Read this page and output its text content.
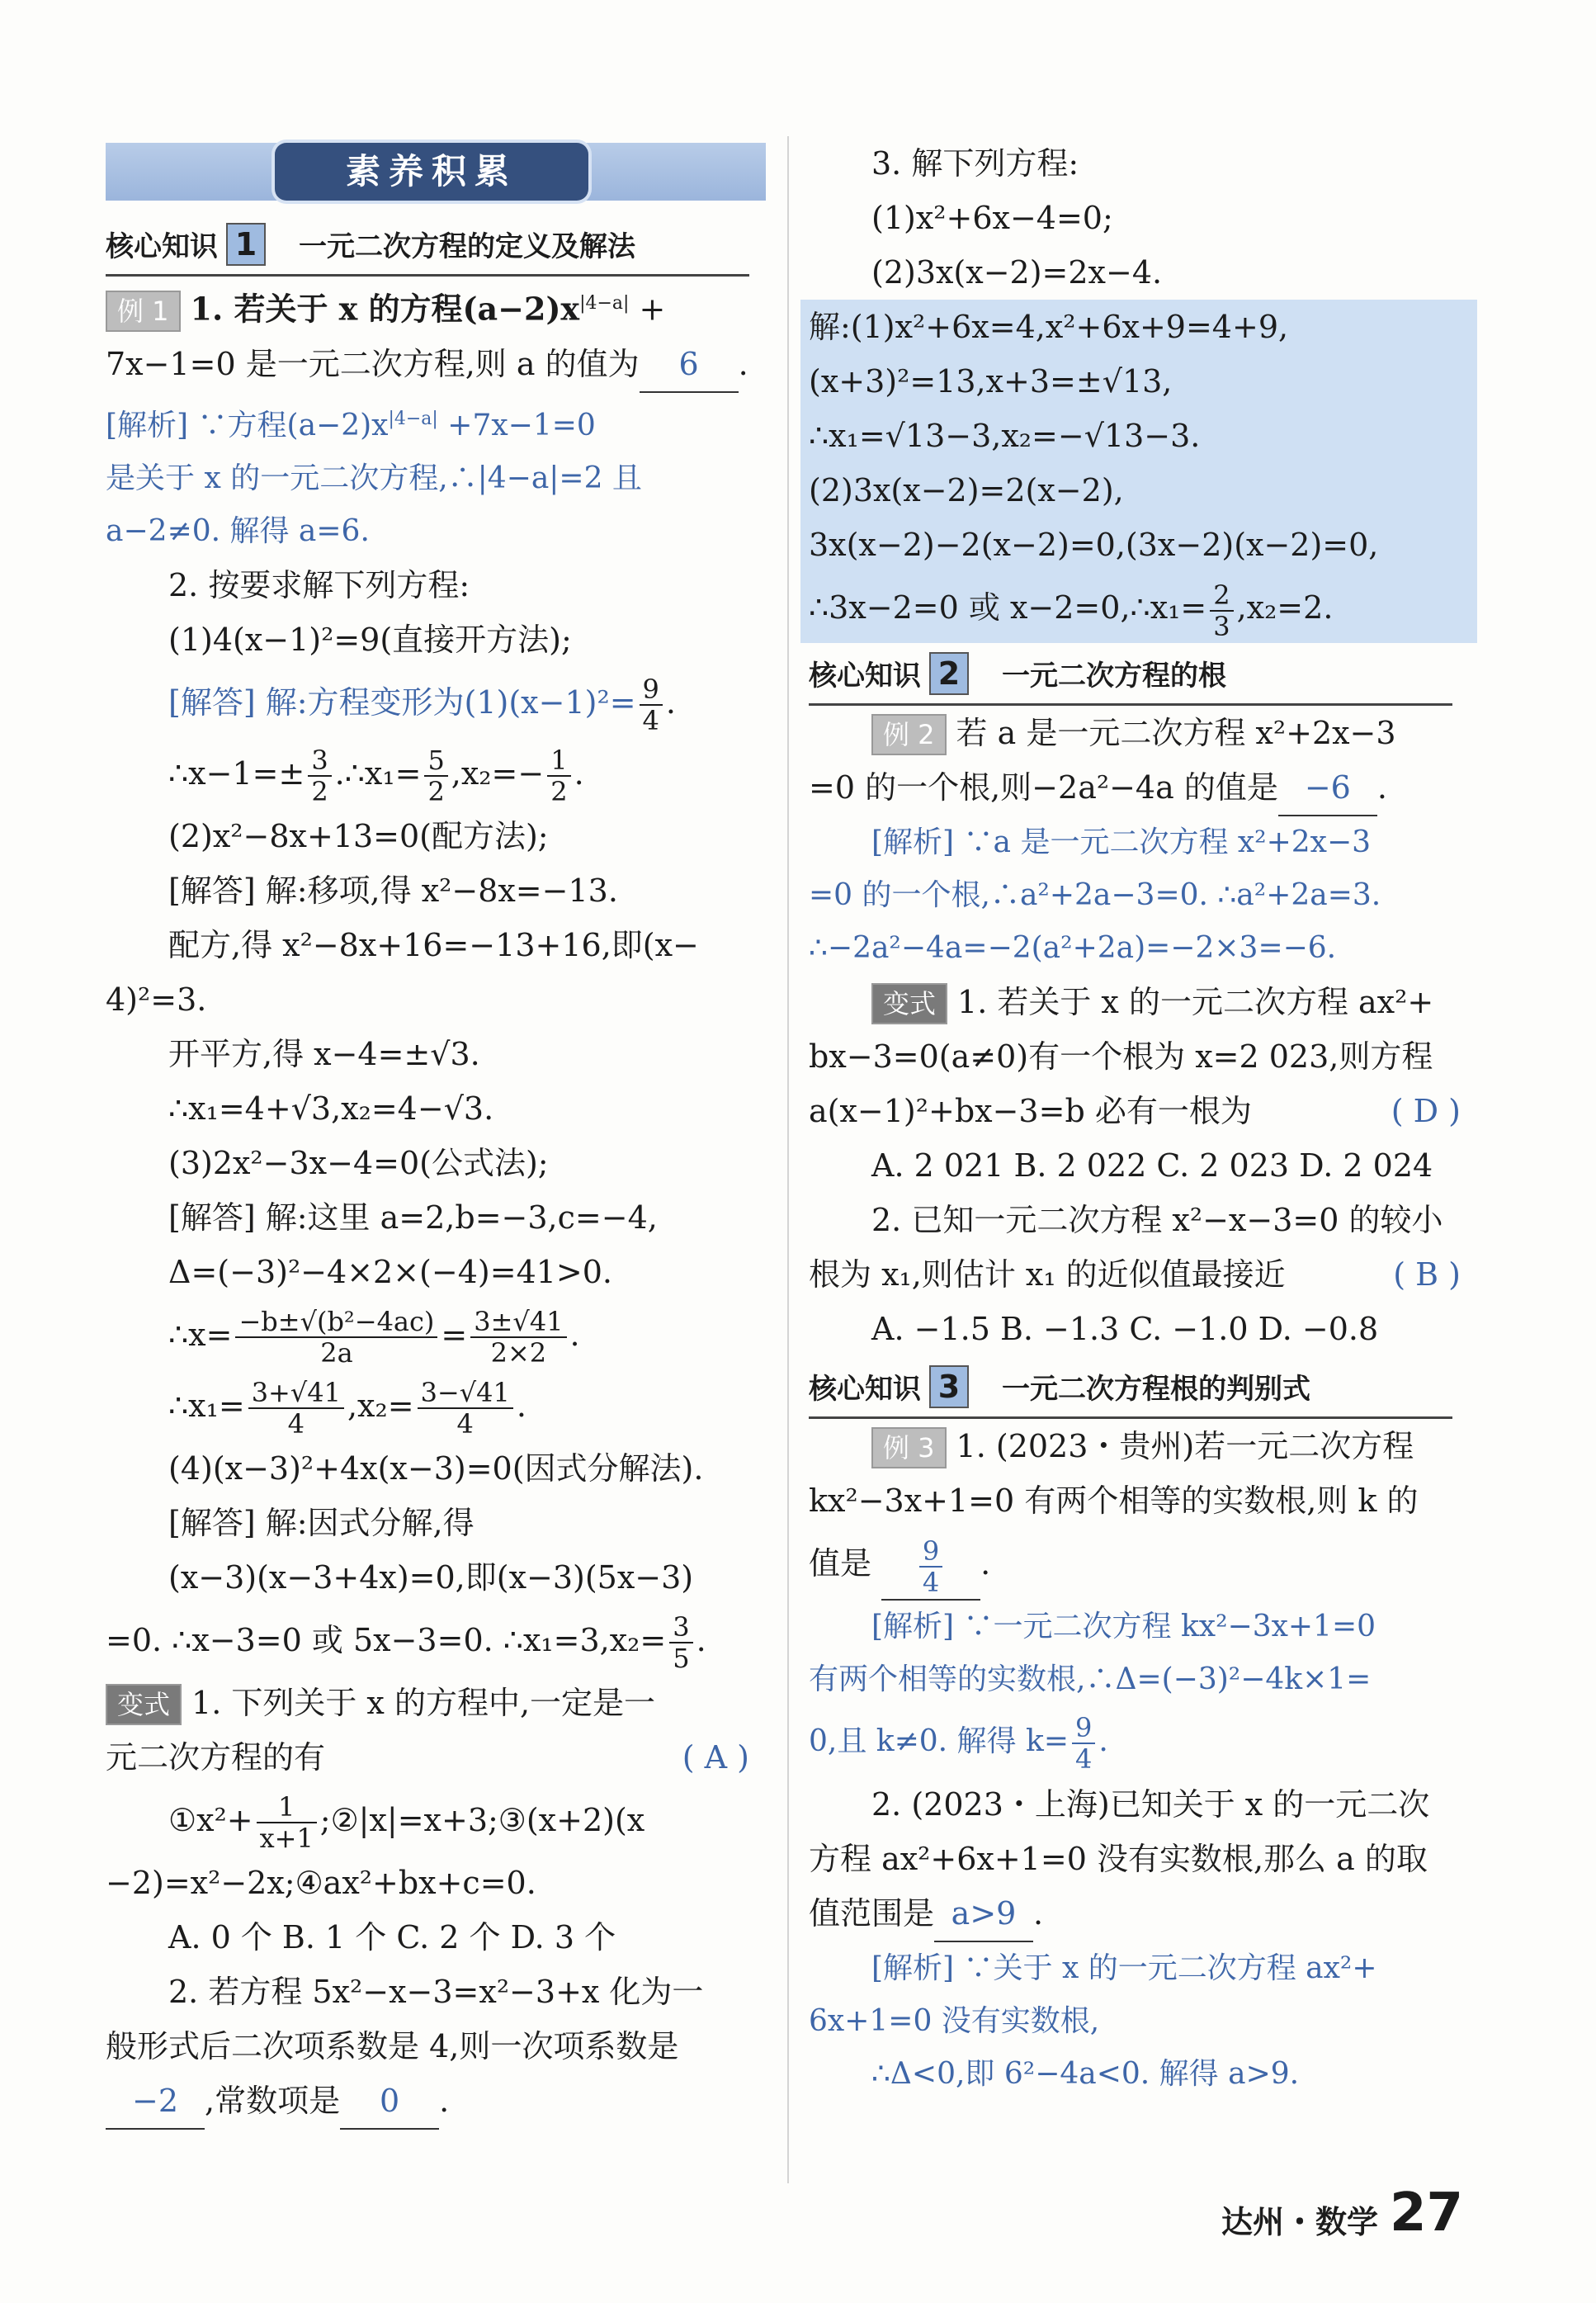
素养积累
核心知识 1	一元二次方程的定义及解法
例 1 1. 若关于 x 的方程$(a-2)x^{|4-a|}$ +
7x−1=0 是一元二次方程,则 a 的值为 6 .
[解析] ∵方程$(a-2)x^{|4-a|} +7x-1=0$
是关于 x 的一元二次方程,∴|4−a|=2 且
a−2≠0. 解得 a=6.
2. 按要求解下列方程:
(1)4(x−1)²=9(直接开方法);
[解答] 解:方程变形为$(1)(x-1)^2= \frac{9}{4}$ .
∴x−1=± $\frac{3}{2}$ .∴x₁= $\frac{5}{2} ,x_2=- \frac{1}{2}$ .
(2)x²−8x+13=0(配方法);
[解答] 解:移项,得 x²−8x=−13.
配方,得 x²−8x+16=−13+16,即(x−
4)²=3.
开平方,得 x−4=±√3.
∴x₁=4+√3,x₂=4−√3.
(3)2x²−3x−4=0(公式法);
[解答] 解:这里 a=2,b=−3,c=−4,
Δ=(−3)²−4×2×(−4)=41>0.
∴x= $\frac{\text{−b±√(b²−4ac)}}{2a} = \frac{3\pm√41}{2\times 2}$ .
∴x₁= $\frac{3+√41}{4} ,x_2= \frac{3-√41}{4}$ .
(4)(x−3)²+4x(x−3)=0(因式分解法).
[解答] 解:因式分解,得
(x−3)(x−3+4x)=0,即(x−3)(5x−3)
=0. ∴x−3=0 或 5x−3=0. ∴x₁=3,x₂= $\frac{3}{5}$ .
变式 1. 下列关于 x 的方程中,一定是一
元二次方程的有	( A )
①x²+ $\frac{1}{x+1}$ ;②|x|=x+3;③(x+2)(x
−2)=x²−2x;④ax²+bx+c=0.
A. 0 个 B. 1 个 C. 2 个 D. 3 个
2. 若方程 5x²−x−3=x²−3+x 化为一
般形式后二次项系数是 4,则一次项系数是
−2 ,常数项是 0 .
3. 解下列方程:
(1)x²+6x−4=0;
(2)3x(x−2)=2x−4.
解:(1)x²+6x=4,x²+6x+9=4+9,
(x+3)²=13,x+3=±√13,
∴x₁=√13−3,x₂=−√13−3.
(2)3x(x−2)=2(x−2),
3x(x−2)−2(x−2)=0,(3x−2)(x−2)=0,
∴3x−2=0 或 x−2=0,∴x₁= $\frac{2}{3} ,x_2=2$.
核心知识 2	一元二次方程的根
例 2 若 a 是一元二次方程 x²+2x−3
=0 的一个根,则−2a²−4a 的值是 −6 .
[解析] ∵a 是一元二次方程 x²+2x−3
=0 的一个根,∴a²+2a−3=0. ∴a²+2a=3.
∴−2a²−4a=−2(a²+2a)=−2×3=−6.
变式 1. 若关于 x 的一元二次方程 ax²+
bx−3=0(a≠0)有一个根为 x=2 023,则方程
a(x−1)²+bx−3=b 必有一根为	( D )
A. 2 021 B. 2 022 C. 2 023 D. 2 024
2. 已知一元二次方程 x²−x−3=0 的较小
根为 x₁,则估计 x₁ 的近似值最接近	( B )
A. −1.5 B. −1.3 C. −1.0 D. −0.8
核心知识 3	一元二次方程根的判别式
例 3 1. (2023・贵州)若一元二次方程
kx²−3x+1=0 有两个相等的实数根,则 k 的
值是 $\frac{9}{4}$ .
[解析] ∵一元二次方程 kx²−3x+1=0
有两个相等的实数根,∴Δ=(−3)²−4k×1=
0,且 k≠0. 解得 $k= \frac{9}{4}$ .
2. (2023・上海)已知关于 x 的一元二次
方程 ax²+6x+1=0 没有实数根,那么 a 的取
值范围是 a>9 .
[解析] ∵关于 x 的一元二次方程 ax²+
6x+1=0 没有实数根,
∴Δ<0,即 6²−4a<0. 解得 a>9.
达州・数学 27
